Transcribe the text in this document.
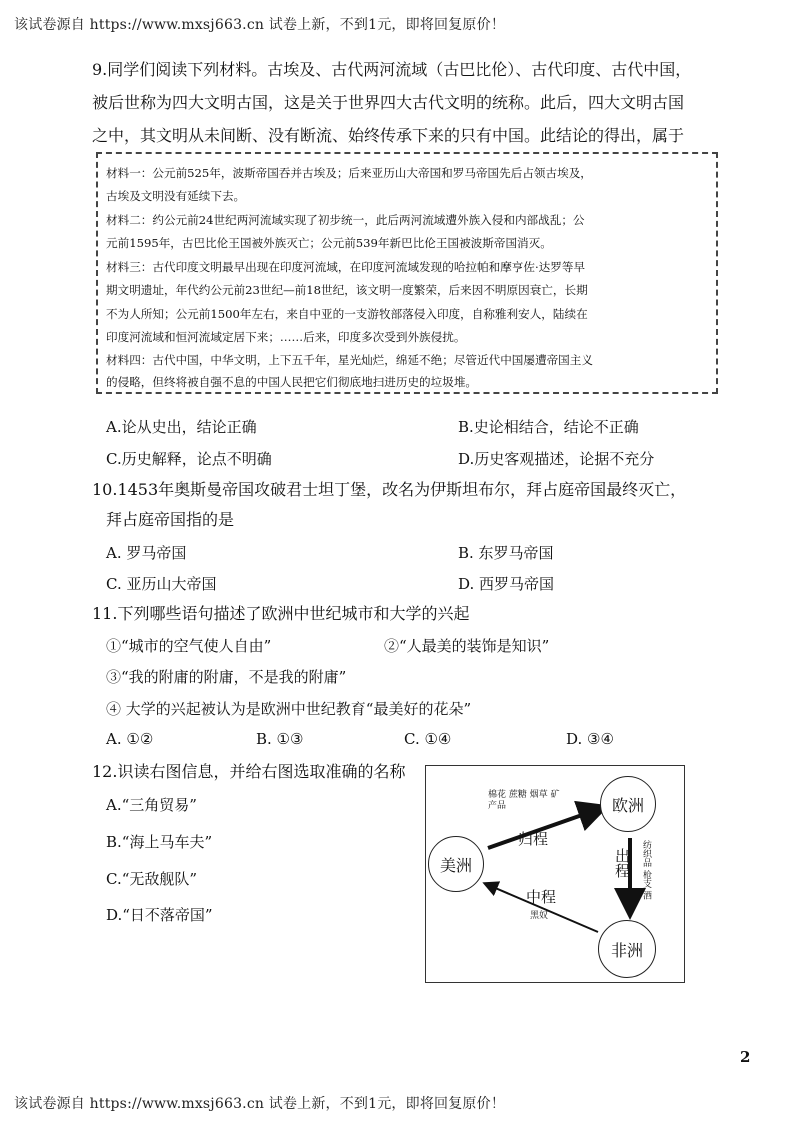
该试卷源自 https://www.mxsj663.cn 试卷上新，不到1元，即将回复原价！
9.同学们阅读下列材料。古埃及、古代两河流域（古巴比伦）、古代印度、古代中国，
被后世称为四大文明古国，这是关于世界四大古代文明的统称。此后，四大文明古国
之中，其文明从未间断、没有断流、始终传承下来的只有中国。此结论的得出，属于
材料一：公元前525年，波斯帝国吞并古埃及；后来亚历山大帝国和罗马帝国先后占领古埃及，
古埃及文明没有延续下去。
材料二：约公元前24世纪两河流域实现了初步统一，此后两河流域遭外族入侵和内部战乱；公
元前1595年，古巴比伦王国被外族灭亡；公元前539年新巴比伦王国被波斯帝国消灭。
材料三：古代印度文明最早出现在印度河流域，在印度河流域发现的哈拉帕和摩亨佐·达罗等早
期文明遗址，年代约公元前23世纪—前18世纪，该文明一度繁荣，后来因不明原因衰亡，长期
不为人所知；公元前1500年左右，来自中亚的一支游牧部落侵入印度，自称雅利安人，陆续在
印度河流域和恒河流域定居下来；……后来，印度多次受到外族侵扰。
材料四：古代中国，中华文明，上下五千年，星光灿烂，绵延不绝；尽管近代中国屡遭帝国主义
的侵略，但终将被自强不息的中国人民把它们彻底地扫进历史的垃圾堆。
A.论从史出，结论正确	B.史论相结合，结论不正确
C.历史解释，论点不明确	D.历史客观描述，论据不充分
10.1453年奥斯曼帝国攻破君士坦丁堡，改名为伊斯坦布尔，拜占庭帝国最终灭亡，
拜占庭帝国指的是
A. 罗马帝国	B. 东罗马帝国
C. 亚历山大帝国	D. 西罗马帝国
11.下列哪些语句描述了欧洲中世纪城市和大学的兴起
①“城市的空气使人自由”	②“人最美的装饰是知识”
③“我的附庸的附庸，不是我的附庸”
④ 大学的兴起被认为是欧洲中世纪教育“最美好的花朵”
A. ①②	B. ①③	C. ①④	D. ③④
12.识读右图信息，并给右图选取准确的名称
A.“三角贸易”
B.“海上马车夫”
C.“无敌舰队”
D.“日不落帝国”
欧洲
美洲
非洲
归程
出程
中程
棉花 蔗糖 烟草 矿产品
纺织品 枪支 酒
黑奴
2
该试卷源自 https://www.mxsj663.cn 试卷上新，不到1元，即将回复原价！
